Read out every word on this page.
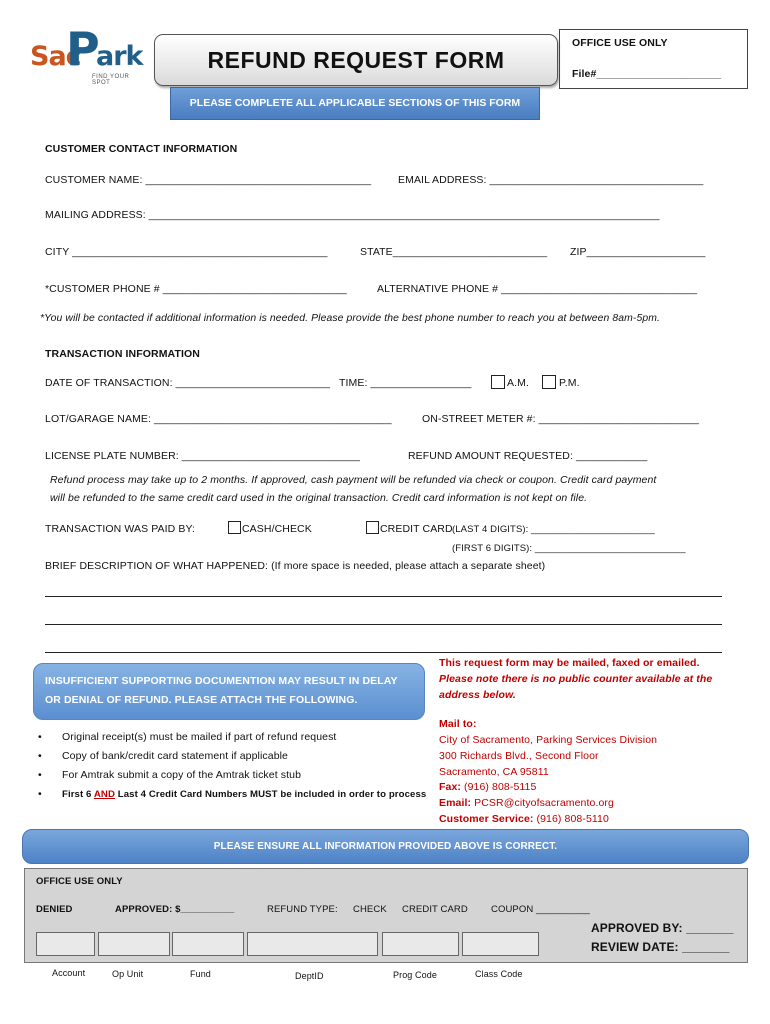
Sac
P
ark
FIND YOUR SPOT
REFUND REQUEST FORM
OFFICE USE ONLY
File#_____________________
PLEASE COMPLETE ALL APPLICABLE SECTIONS OF THIS FORM
CUSTOMER CONTACT INFORMATION
CUSTOMER NAME: ______________________________________	EMAIL ADDRESS: ____________________________________
MAILING ADDRESS: ______________________________________________________________________________________
CITY ___________________________________________	STATE__________________________ ZIP____________________
*CUSTOMER PHONE # _______________________________	ALTERNATIVE PHONE # _________________________________
*You will be contacted if additional information is needed. Please provide the best phone number to reach you at between 8am-5pm.
TRANSACTION INFORMATION
DATE OF TRANSACTION: __________________________ TIME: _________________	A.M.	P.M.
LOT/GARAGE NAME: ________________________________________	ON-STREET METER #: ___________________________
LICENSE PLATE NUMBER: ______________________________	REFUND AMOUNT REQUESTED: ____________
Refund process may take up to 2 months. If approved, cash payment will be refunded via check or coupon. Credit card payment
will be refunded to the same credit card used in the original transaction. Credit card information is not kept on file.
TRANSACTION WAS PAID BY:	CASH/CHECK	CREDIT CARD (LAST 4 DIGITS): _______________________
(FIRST 6 DIGITS): ____________________________
BRIEF DESCRIPTION OF WHAT HAPPENED: (If more space is needed, please attach a separate sheet)
INSUFFICIENT SUPPORTING DOCUMENTION MAY RESULT IN DELAY
OR DENIAL OF REFUND. PLEASE ATTACH THE FOLLOWING.
• Original receipt(s) must be mailed if part of refund request
• Copy of bank/credit card statement if applicable
• For Amtrak submit a copy of the Amtrak ticket stub
• First 6 AND Last 4 Credit Card Numbers MUST be included in order to process
This request form may be mailed, faxed or emailed.
Please note there is no public counter available at the
address below.
Mail to:
City of Sacramento, Parking Services Division
300 Richards Blvd., Second Floor
Sacramento, CA 95811
Fax: (916) 808-5115
Email: PCSR@cityofsacramento.org
Customer Service: (916) 808-5110
PLEASE ENSURE ALL INFORMATION PROVIDED ABOVE IS CORRECT.
OFFICE USE ONLY
DENIED	APPROVED: $__________	REFUND TYPE: CHECK CREDIT CARD COUPON __________
APPROVED BY: _______
REVIEW DATE: _______
Account	Op Unit	Fund	DeptID	Prog Code	Class Code
